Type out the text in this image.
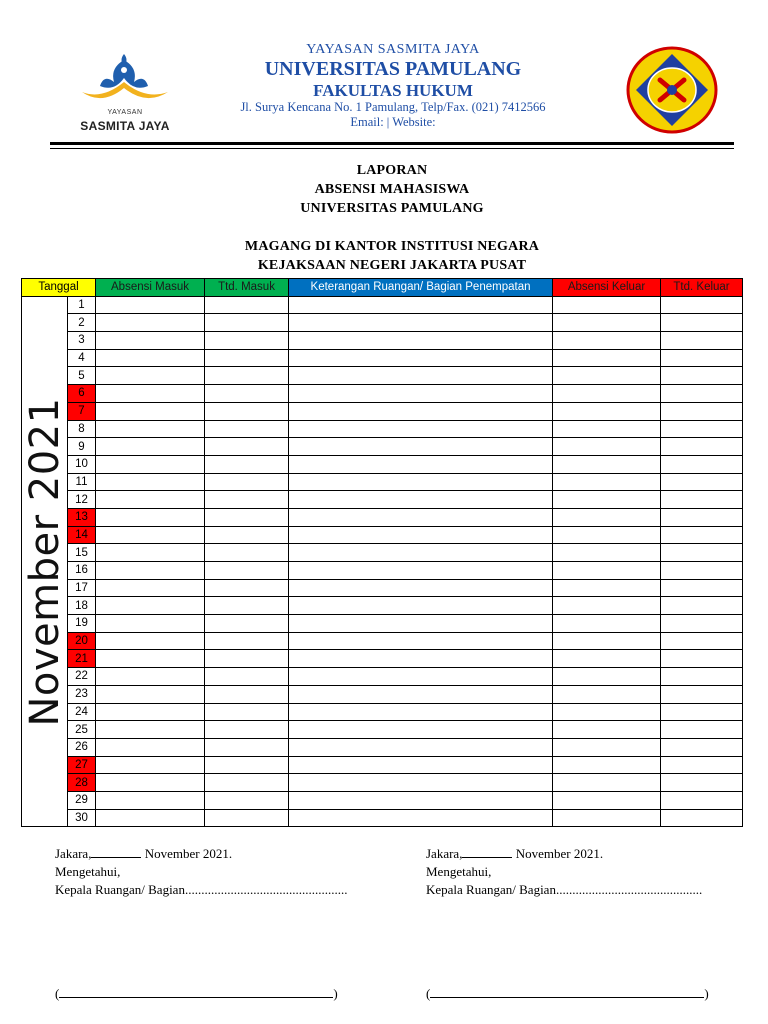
YAYASAN
SASMITA JAYA
YAYASAN SASMITA JAYA
UNIVERSITAS PAMULANG
FAKULTAS HUKUM
Jl. Surya Kencana No. 1 Pamulang, Telp/Fax. (021) 7412566
Email: | Website:
LAPORAN
ABSENSI MAHASISWA
UNIVERSITAS PAMULANG
MAGANG DI KANTOR INSTITUSI NEGARA
KEJAKSAAN NEGERI JAKARTA PUSAT
Tanggal		Absensi Masuk	Ttd. Masuk	Keterangan Ruangan/ Bagian Penempatan	Absensi Keluar	Ttd. Keluar

November 2021	1					
	2					
	3					
	4					
	5					
	6					
	7					
	8					
	9					
	10					
	11					
	12					
	13					
	14					
	15					
	16					
	17					
	18					
	19					
	20					
	21					
	22					
	23					
	24					
	25					
	26					
	27					
	28					
	29					
	30					
Jakara,	November 2021.
Mengetahui,
Kepala Ruangan/ Bagian..................................................
Jakara,	November 2021.
Mengetahui,
Kepala Ruangan/ Bagian.............................................
(	)	(	)
